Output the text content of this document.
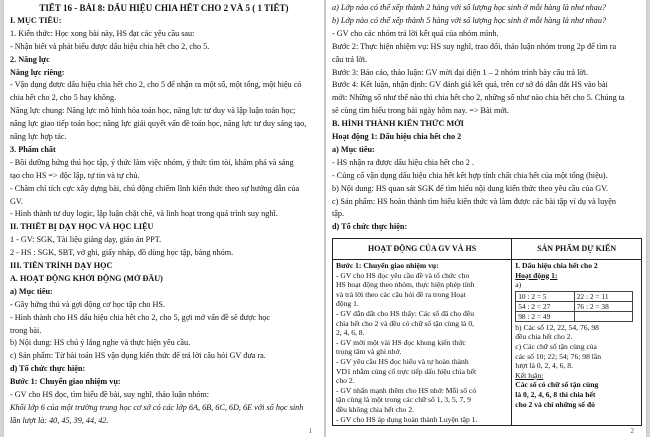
TIẾT 16 - BÀI 8: DẤU HIỆU CHIA HẾT CHO 2 VÀ 5 ( 1 TIẾT)
I. MỤC TIÊU:
1. Kiến thức: Học xong bài này, HS đạt các yêu cầu sau:
- Nhận biết và phát biểu được dấu hiệu chia hết cho 2, cho 5.
2. Năng lực
Năng lực riêng:
- Vận dụng được dấu hiệu chia hết cho 2, cho 5 để nhận ra một số, một tổng, một hiệu có
chia hết cho 2, cho 5 hay không.
Năng lực chung: Năng lực mô hình hóa toán học, năng lực tư duy và lập luận toán học;
năng lực giao tiếp toán học; năng lực giải quyết vấn đề toán học, năng lực tư duy sáng tạo,
năng lực hợp tác.
3. Phẩm chất
- Bồi dưỡng hứng thú học tập, ý thức làm việc nhóm, ý thức tìm tòi, khám phá và sáng
tạo cho HS => độc lập, tự tin và tự chủ.
- Chăm chỉ tích cực xây dựng bài, chủ động chiếm lĩnh kiến thức theo sự hướng dẫn của
GV.
- Hình thành tư duy logic, lập luận chặt chẽ, và linh hoạt trong quá trình suy nghĩ.
II. THIẾT BỊ DẠY HỌC VÀ HỌC LIỆU
1 - GV: SGK, Tài liệu giảng dạy, giáo án PPT.
2 - HS : SGK, SBT, vở ghi, giấy nháp, đồ dùng học tập, bảng nhóm.
III. TIẾN TRÌNH DẠY HỌC
A. HOẠT ĐỘNG KHỞI ĐỘNG (MỞ ĐẦU)
a) Mục tiêu:
- Gây hứng thú và gợi động cơ học tập cho HS.
- Hình thành cho HS dấu hiệu chia hết cho 2, cho 5, gợi mở vấn đề sẽ được học
trong bài.
b) Nội dung: HS chú ý lắng nghe và thực hiện yêu cầu.
c) Sản phẩm: Từ bài toán HS vận dụng kiến thức để trả lời câu hỏi GV đưa ra.
d) Tổ chức thực hiện:
Bước 1: Chuyển giao nhiệm vụ:
- GV cho HS đọc, tìm hiểu đề bài, suy nghĩ, thảo luận nhóm:
Khối lớp 6 của một trường trung học cơ sở có các lớp 6A, 6B, 6C, 6D, 6E với số học sinh
lần lượt là: 40, 45, 39, 44, 42.
1
a) Lớp nào có thể xếp thành 2 hàng với số lượng học sinh ở mỗi hàng là như nhau?
b) Lớp nào có thể xếp thành 5 hàng với số lượng học sinh ở mỗi hàng là như nhau?
- GV cho các nhóm trả lời kết quả của nhóm mình.
Bước 2: Thực hiện nhiệm vụ: HS suy nghĩ, trao đổi, thảo luận nhóm trong 2p để tìm ra
câu trả lời.
Bước 3: Báo cáo, thảo luận: GV mời đại diện 1 – 2 nhóm trình bày câu trả lời.
Bước 4: Kết luận, nhận định: GV đánh giá kết quả, trên cơ sở đó dẫn dắt HS vào bài
mới: Những số như thế nào thì chia hết cho 2, những số như nào chia hết cho 5. Chúng ta
sẽ cùng tìm hiểu trong bài ngày hôm nay. => Bài mới.
B. HÌNH THÀNH KIẾN THỨC MỚI
Hoạt động 1: Dấu hiệu chia hết cho 2
a) Mục tiêu:
- HS nhận ra được dấu hiệu chia hết cho 2 .
- Củng cố vận dụng dấu hiệu chia hết kết hợp tính chất chia hết của một tổng (hiệu).
b) Nội dung: HS quan sát SGK để tìm hiểu nội dung kiến thức theo yêu cầu của GV.
c) Sản phẩm: HS hoàn thành tìm hiểu kiến thức và làm được các bài tập ví dụ và luyện
tập.
d) Tổ chức thực hiện:
HOẠT ĐỘNG CỦA GV VÀ HS	SẢN PHẨM DỰ KIẾN

Bước 1: Chuyển giao nhiệm vụ:
- GV cho HS đọc yêu cầu đề và tổ chức cho
HS hoạt động theo nhóm, thực hiện phép tính
và trả lời theo các câu hỏi đề ra trong Hoạt
động 1.
- GV dẫn dắt cho HS thấy: Các số đã cho đều
chia hết cho 2 và đều có chữ số tận cùng là 0,
2, 4, 6, 8.
- GV mời một vài HS đọc khung kiến thức
trọng tâm và ghi nhớ.
- GV yêu cầu HS đọc hiểu và tự hoàn thành
VD1 nhằm củng cố trực tiếp dấu hiệu chia hết
cho 2.
- GV nhấn mạnh thêm cho HS nhớ: Mỗi số có
tận cùng là một trong các chữ số 1, 3, 5, 7, 9
đều không chia hết cho 2.
- GV cho HS áp dụng hoàn thành Luyện tập 1.

I. Dấu hiệu chia hết cho 2
Hoạt động 1:
a)
10 : 2 = 5	22 : 2 = 11
54 : 2 = 27	76 : 2 = 38
98 : 2 = 49	
b) Các số 12, 22, 54, 76, 98
đều chia hết cho 2.
c) Các chữ số tận cùng của
các số 10; 22; 54; 76; 98 lần
lượt là 0, 2, 4, 6, 8.
Kết luận:
Các số có chữ số tận cùng
là 0, 2, 4, 6, 8 thì chia hết
cho 2 và chỉ những số đó
2
